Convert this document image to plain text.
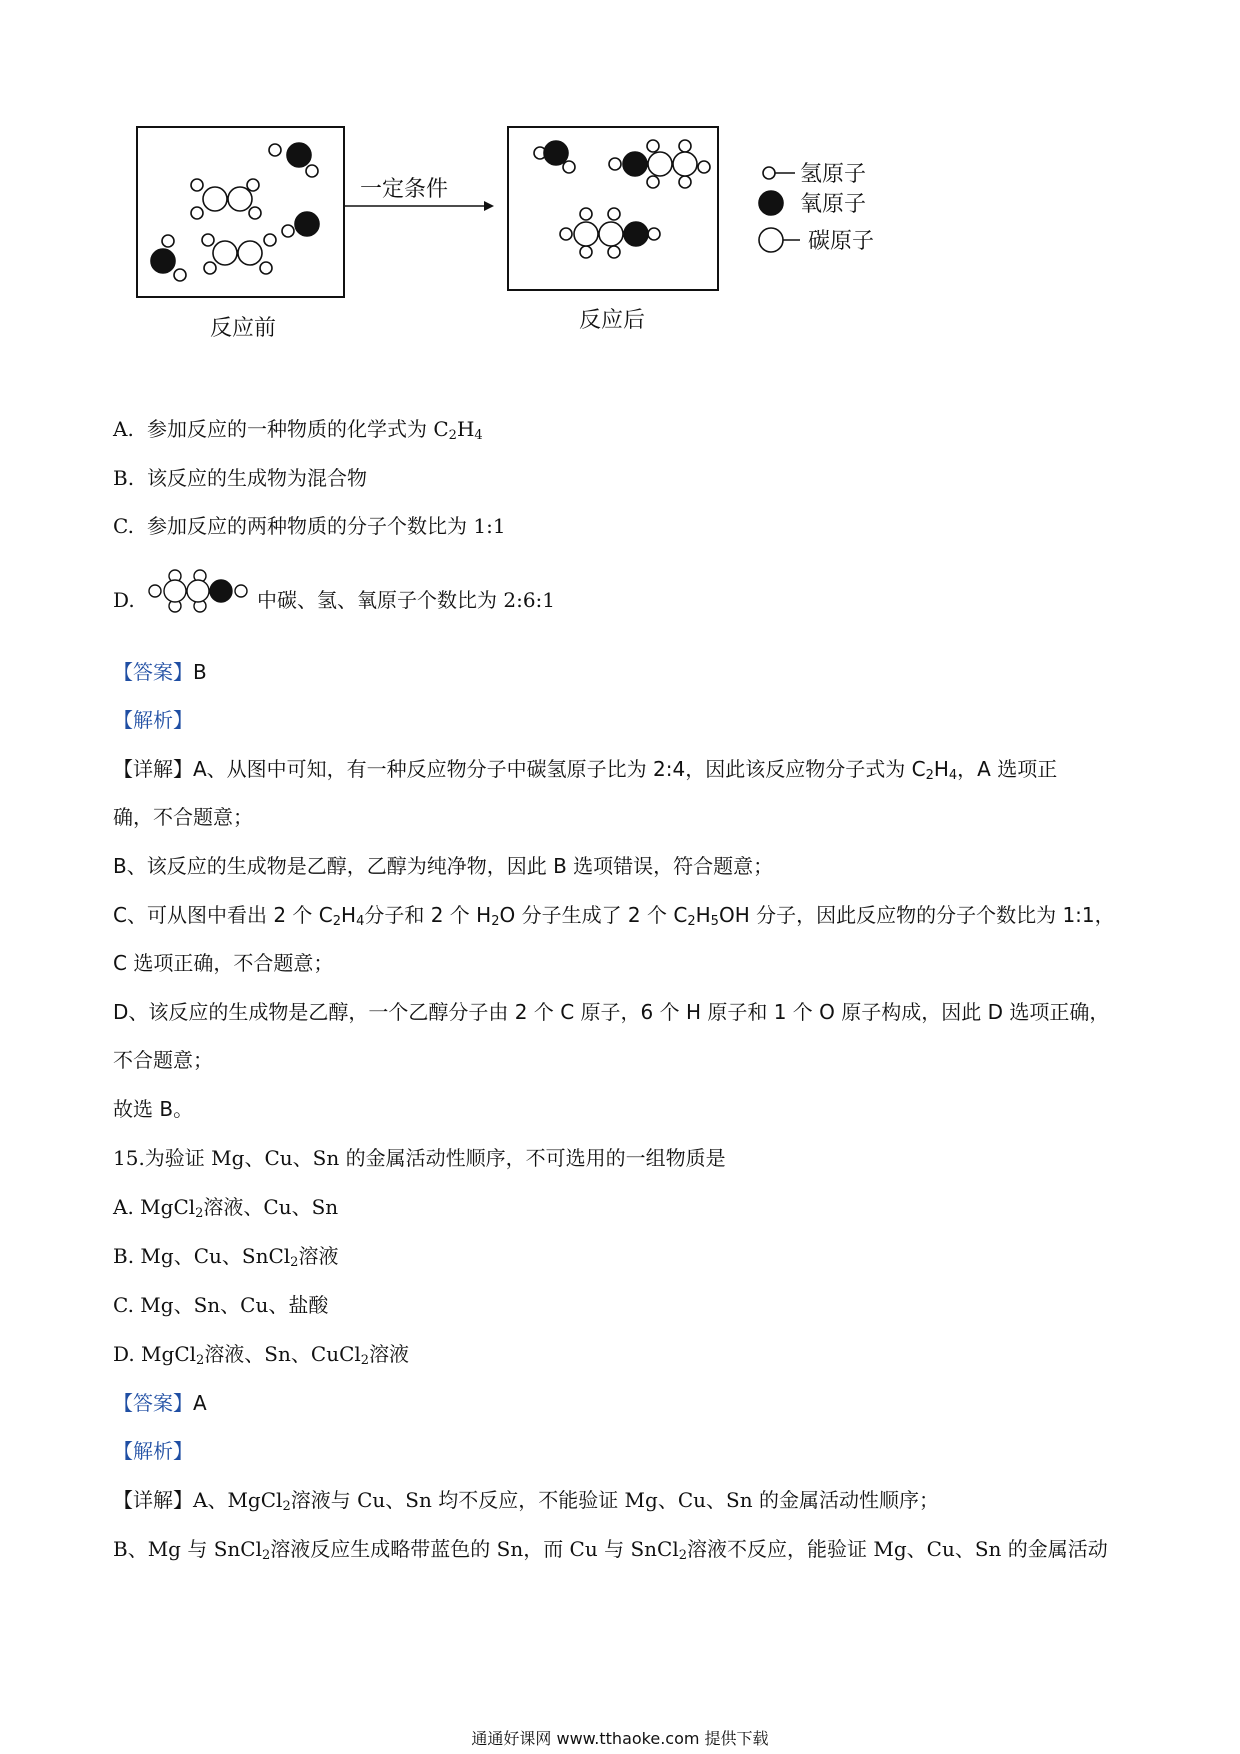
一定条件
反应前	反应后
氢原子
氧原子
碳原子
A. 参加反应的一种物质的化学式为 $C_2H_4$
B. 该反应的生成物为混合物
C. 参加反应的两种物质的分子个数比为 1:1
D.	中碳、氢、氧原子个数比为 2:6:1
【答案】B
【解析】
【详解】A、从图中可知，有一种反应物分子中碳氢原子比为 2:4，因此该反应物分子式为 $C_2H_4$，A 选项正
确，不合题意；
B、该反应的生成物是乙醇，乙醇为纯净物，因此 B 选项错误，符合题意；
C、可从图中看出 2 个 $C_2H_4$分子和 2 个 $H_2O$ 分子生成了 2 个 $C_2H_5OH$ 分子，因此反应物的分子个数比为 1:1，
C 选项正确，不合题意；
D、该反应的生成物是乙醇，一个乙醇分子由 2 个 C 原子，6 个 H 原子和 1 个 O 原子构成，因此 D 选项正确，
不合题意；
故选 B。
15.为验证 Mg、Cu、Sn 的金属活动性顺序，不可选用的一组物质是
A. MgCl$_2$溶液、Cu、Sn
B. Mg、Cu、SnCl$_2$溶液
C. Mg、Sn、Cu、盐酸
D. MgCl$_2$溶液、Sn、CuCl$_2$溶液
【答案】A
【解析】
【详解】A、MgCl$_2$溶液与 Cu、Sn 均不反应，不能验证 Mg、Cu、Sn 的金属活动性顺序；
B、Mg 与 SnCl$_2$溶液反应生成略带蓝色的 Sn，而 Cu 与 SnCl$_2$溶液不反应，能验证 Mg、Cu、Sn 的金属活动
通通好课网 www.tthaoke.com 提供下载
